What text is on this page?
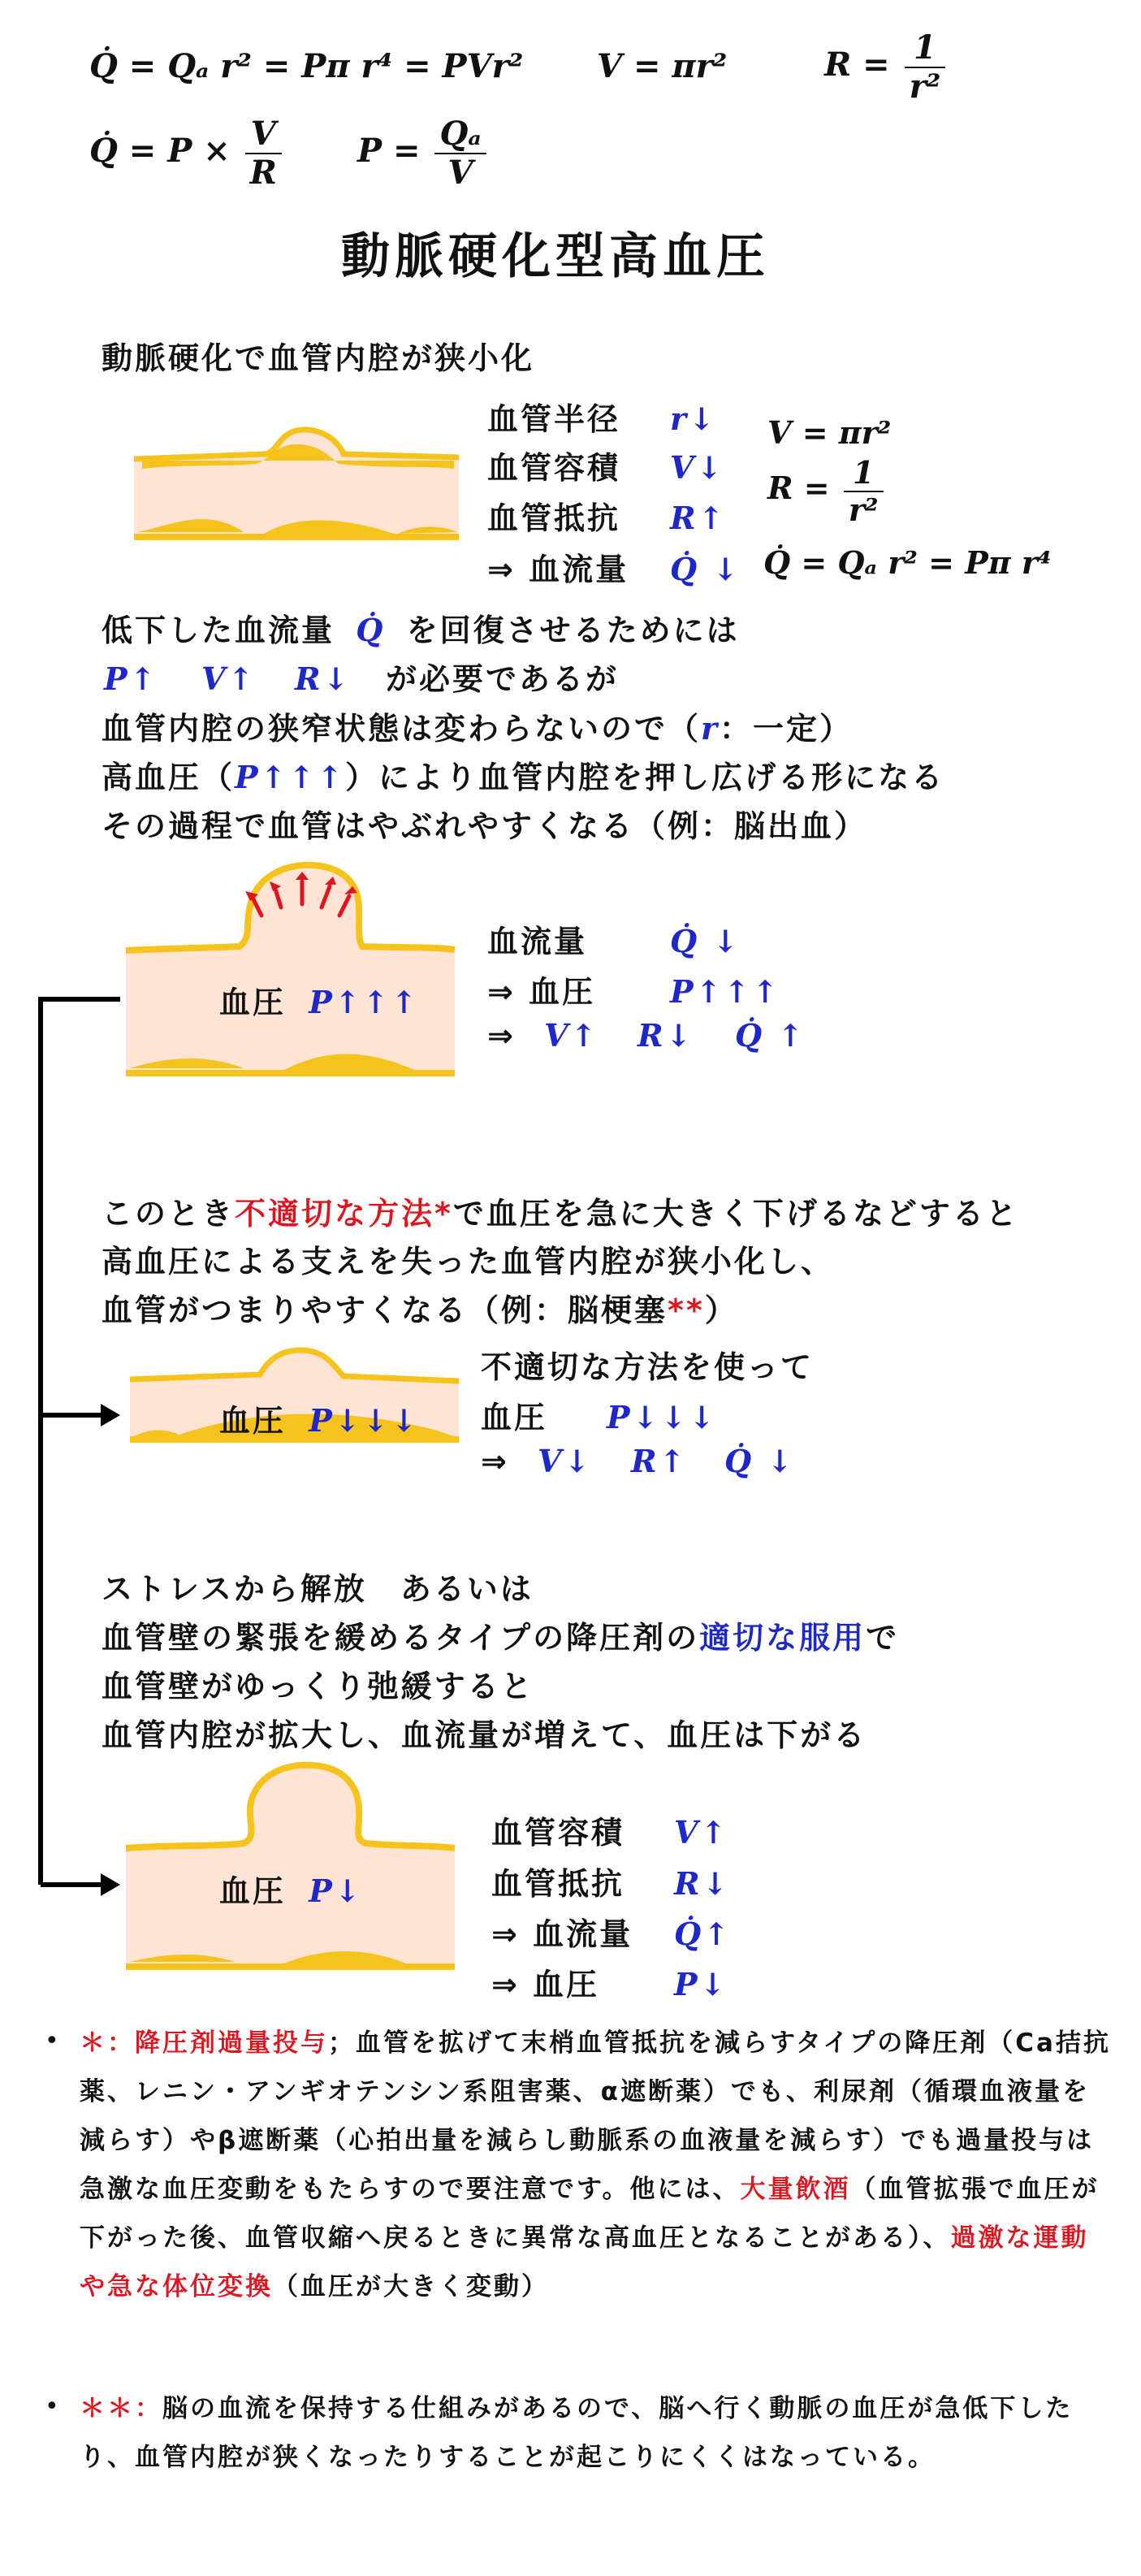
Q̇ = Qₐ r² = Pπ r⁴ = PVr² V = πr²	$R = \frac{1}{\text{r²}}$
Q̇ = $P \times \frac{V}{R}$ $P = \frac{\text{Qₐ}}{V}$
動脈硬化型高血圧
動脈硬化で血管内腔が狭小化
血管半径 r↓
血管容積 V↓
血管抵抗 R↑
⇒ 血流量 Q̇ ↓
V = πr²
$R = \frac{1}{\text{r²}}$
Q̇ = Qₐ r² = Pπ r⁴
低下した血流量 Q̇ を回復させるためには
P↑ V↑ R↓ が必要であるが
血管内腔の狭窄状態は変わらないので（r：一定）
高血圧（P↑↑↑）により血管内腔を押し広げる形になる
その過程で血管はやぶれやすくなる（例：脳出血）
血圧 P↑↑↑
血流量	Q̇ ↓
⇒ 血圧 P↑↑↑
⇒ V↑ R↓ Q̇ ↑
このとき不適切な方法*で血圧を急に大きく下げるなどすると
高血圧による支えを失った血管内腔が狭小化し、
血管がつまりやすくなる（例：脳梗塞**）
血圧 P↓↓↓
不適切な方法を使って
血圧 P↓↓↓
⇒ V↓ R↑ Q̇ ↓
ストレスから解放　あるいは
血管壁の緊張を緩めるタイプの降圧剤の適切な服用で
血管壁がゆっくり弛緩すると
血管内腔が拡大し、血流量が増えて、血圧は下がる
血圧 P↓
血管容積 V↑
血管抵抗 R↓
⇒ 血流量 Q̇↑
⇒ 血圧 P↓
• ＊：降圧剤過量投与；血管を拡げて末梢血管抵抗を減らすタイプの降圧剤（Ca拮抗薬、レニン・アンギオテンシン系阻害薬、α遮断薬）でも、利尿剤（循環血液量を減らす）やβ遮断薬（心拍出量を減らし動脈系の血液量を減らす）でも過量投与は急激な血圧変動をもたらすので要注意です。他には、大量飲酒（血管拡張で血圧が下がった後、血管収縮へ戻るときに異常な高血圧となることがある）、過激な運動や急な体位変換（血圧が大きく変動）
• ＊＊：脳の血流を保持する仕組みがあるので、脳へ行く動脈の血圧が急低下したり、血管内腔が狭くなったりすることが起こりにくくはなっている。
